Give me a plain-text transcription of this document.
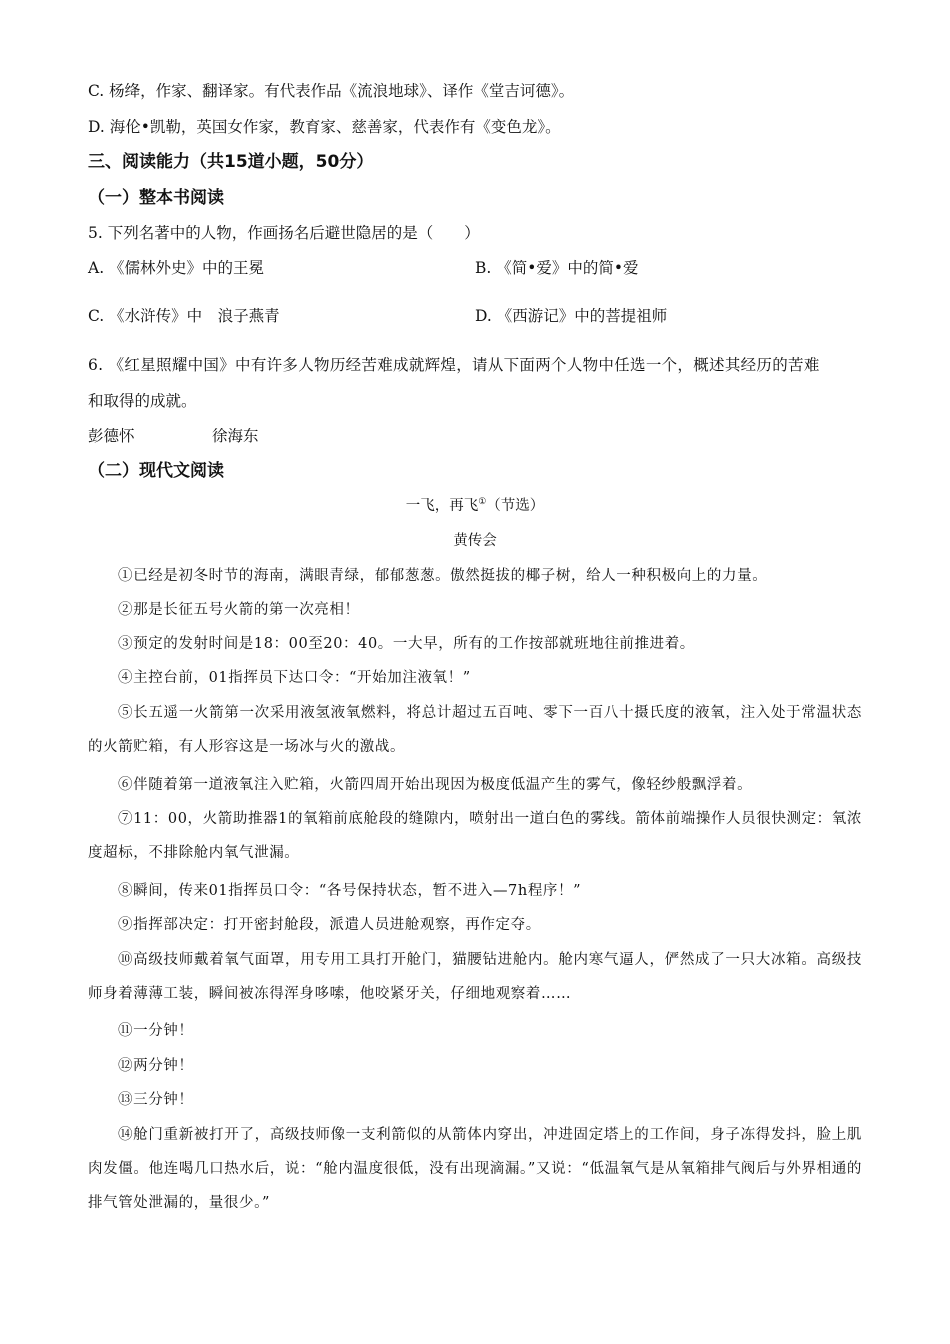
C. 杨绛，作家、翻译家。有代表作品《流浪地球》、译作《堂吉诃德》。
D. 海伦•凯勒，英国女作家，教育家、慈善家，代表作有《变色龙》。
三、阅读能力（共15道小题，50分）
（一）整本书阅读
5. 下列名著中的人物，作画扬名后避世隐居的是（　　）
A. 《儒林外史》中的王冕	B. 《简•爱》中的简•爱
C. 《水浒传》中　浪子燕青	D. 《西游记》中的菩提祖师
6. 《红星照耀中国》中有许多人物历经苦难成就辉煌，请从下面两个人物中任选一个，概述其经历的苦难
和取得的成就。
彭德怀	徐海东
（二）现代文阅读
一飞，再飞①（节选）
黄传会
①已经是初冬时节的海南，满眼青绿，郁郁葱葱。傲然挺拔的椰子树，给人一种积极向上的力量。
②那是长征五号火箭的第一次亮相！
③预定的发射时间是18：00至20：40。一大早，所有的工作按部就班地往前推进着。
④主控台前，01指挥员下达口令：“开始加注液氧！”
⑤长五遥一火箭第一次采用液氢液氧燃料，将总计超过五百吨、零下一百八十摄氏度的液氧，注入处于常温状态的火箭贮箱，有人形容这是一场冰与火的激战。
⑥伴随着第一道液氧注入贮箱，火箭四周开始出现因为极度低温产生的雾气，像轻纱般飘浮着。
⑦11：00，火箭助推器1的氧箱前底舱段的缝隙内，喷射出一道白色的雾线。箭体前端操作人员很快测定：氧浓度超标，不排除舱内氧气泄漏。
⑧瞬间，传来01指挥员口令：“各号保持状态，暂不进入—7h程序！”
⑨指挥部决定：打开密封舱段，派遣人员进舱观察，再作定夺。
⑩高级技师戴着氧气面罩，用专用工具打开舱门，猫腰钻进舱内。舱内寒气逼人，俨然成了一只大冰箱。高级技师身着薄薄工装，瞬间被冻得浑身哆嗦，他咬紧牙关，仔细地观察着……
⑪一分钟！
⑫两分钟！
⑬三分钟！
⑭舱门重新被打开了，高级技师像一支利箭似的从箭体内穿出，冲进固定塔上的工作间，身子冻得发抖，脸上肌肉发僵。他连喝几口热水后，说：“舱内温度很低，没有出现滴漏。”又说：“低温氧气是从氧箱排气阀后与外界相通的排气管处泄漏的，量很少。”
